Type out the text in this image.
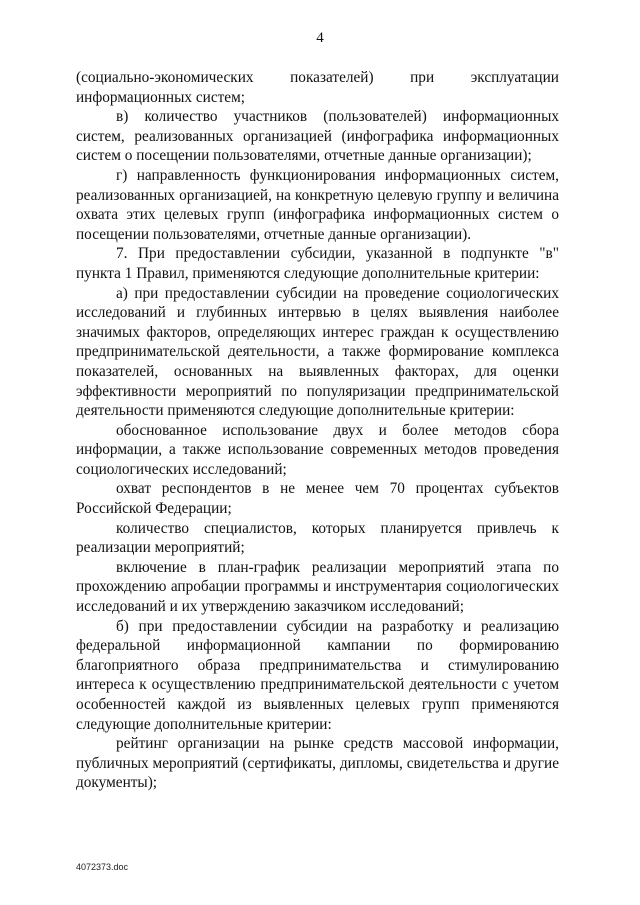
4

(социально-экономических показателей) при эксплуатации информационных систем;

в) количество участников (пользователей) информационных систем, реализованных организацией (инфографика информационных систем о посещении пользователями, отчетные данные организации);

г) направленность функционирования информационных систем, реализованных организацией, на конкретную целевую группу и величина охвата этих целевых групп (инфографика информационных систем о посещении пользователями, отчетные данные организации).

7. При предоставлении субсидии, указанной в подпункте "в" пункта 1 Правил, применяются следующие дополнительные критерии:

а) при предоставлении субсидии на проведение социологических исследований и глубинных интервью в целях выявления наиболее значимых факторов, определяющих интерес граждан к осуществлению предпринимательской деятельности, а также формирование комплекса показателей, основанных на выявленных факторах, для оценки эффективности мероприятий по популяризации предпринимательской деятельности применяются следующие дополнительные критерии:

обоснованное использование двух и более методов сбора информации, а также использование современных методов проведения социологических исследований;

охват респондентов в не менее чем 70 процентах субъектов Российской Федерации;

количество специалистов, которых планируется привлечь к реализации мероприятий;

включение в план-график реализации мероприятий этапа по прохождению апробации программы и инструментария социологических исследований и их утверждению заказчиком исследований;

б) при предоставлении субсидии на разработку и реализацию федеральной информационной кампании по формированию благоприятного образа предпринимательства и стимулированию интереса к осуществлению предпринимательской деятельности с учетом особенностей каждой из выявленных целевых групп применяются следующие дополнительные критерии:

рейтинг организации на рынке средств массовой информации, публичных мероприятий (сертификаты, дипломы, свидетельства и другие документы);

4072373.doc
